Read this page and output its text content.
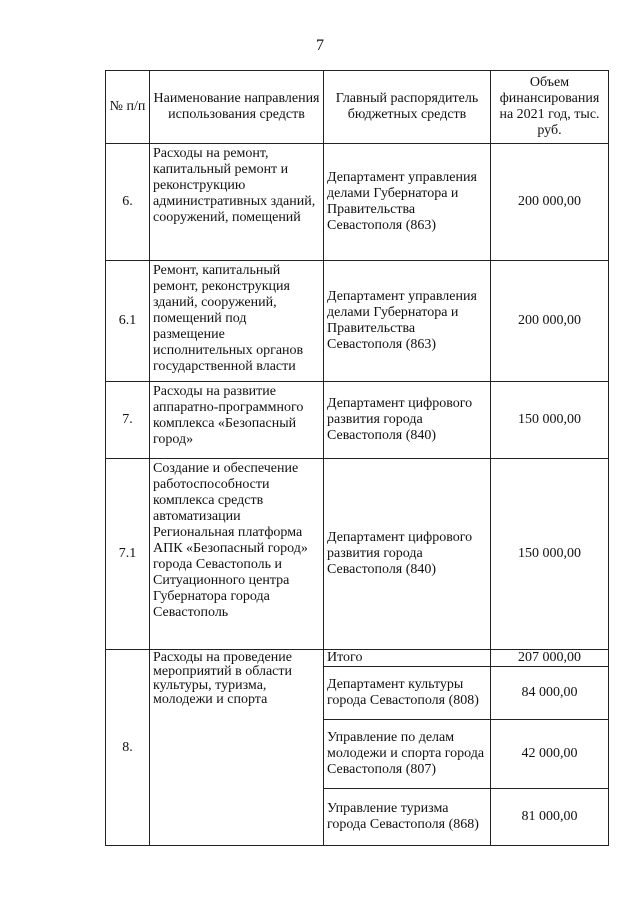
7
№ п/п	Наименование направления использования средств	Главный распорядитель бюджетных средств	Объем финансирования на 2021 год, тыс. руб.
6.	Расходы на ремонт, капитальный ремонт и реконструкцию административных зданий, сооружений, помещений	Департамент управления делами Губернатора и Правительства Севастополя (863)	200 000,00
6.1	Ремонт, капитальный ремонт, реконструкция зданий, сооружений, помещений под размещение исполнительных органов государственной власти	Департамент управления делами Губернатора и Правительства Севастополя (863)	200 000,00
7.	Расходы на развитие аппаратно-программного комплекса «Безопасный город»	Департамент цифрового развития города Севастополя (840)	150 000,00
7.1	Создание и обеспечение работоспособности комплекса средств автоматизации Региональная платформа АПК «Безопасный город» города Севастополь и Ситуационного центра Губернатора города Севастополь	Департамент цифрового развития города Севастополя (840)	150 000,00
8.	Расходы на проведение мероприятий в области культуры, туризма, молодежи и спорта	Итого	207 000,00
		Департамент культуры города Севастополя (808)	84 000,00
		Управление по делам молодежи и спорта города Севастополя (807)	42 000,00
		Управление туризма города Севастополя (868)	81 000,00
